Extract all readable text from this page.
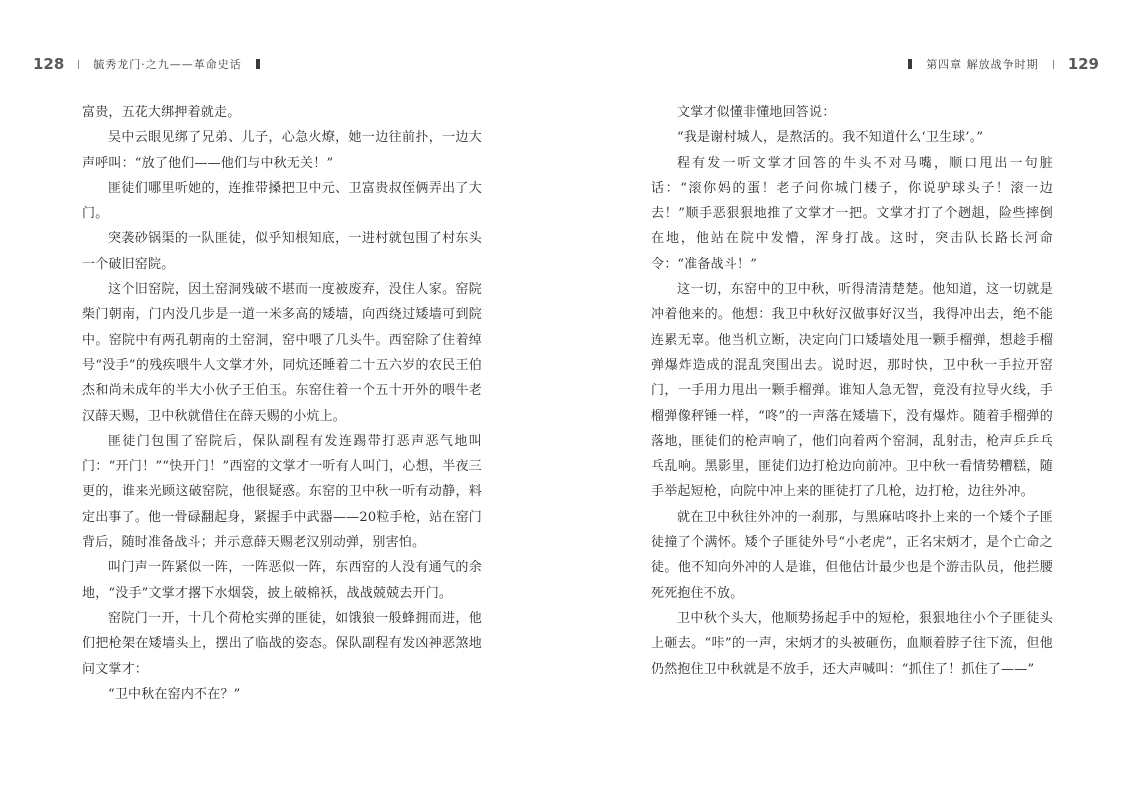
128	毓秀龙门·之九——革命史话

富贵，五花大绑押着就走。

吴中云眼见绑了兄弟、儿子，心急火燎，她一边往前扑，一边大声呼叫：“放了他们——他们与中秋无关！”

匪徒们哪里听她的，连推带搡把卫中元、卫富贵叔侄俩弄出了大门。

突袭砂锅渠的一队匪徒，似乎知根知底，一进村就包围了村东头一个破旧窑院。

这个旧窑院，因土窑洞残破不堪而一度被废弃，没住人家。窑院柴门朝南，门内没几步是一道一米多高的矮墙，向西绕过矮墙可到院中。窑院中有两孔朝南的土窑洞，窑中喂了几头牛。西窑除了住着绰号“没手”的残疾喂牛人文掌才外，同炕还睡着二十五六岁的农民王伯杰和尚未成年的半大小伙子王伯玉。东窑住着一个五十开外的喂牛老汉薛天赐，卫中秋就借住在薛天赐的小炕上。

匪徒门包围了窑院后，保队副程有发连踢带打恶声恶气地叫门：“开门！”“快开门！”西窑的文掌才一听有人叫门，心想，半夜三更的，谁来光顾这破窑院，他很疑惑。东窑的卫中秋一听有动静，料定出事了。他一骨碌翻起身，紧握手中武器——20粒手枪，站在窑门背后，随时准备战斗；并示意薛天赐老汉别动弹，别害怕。

叫门声一阵紧似一阵，一阵恶似一阵，东西窑的人没有通气的余地，“没手”文掌才撂下水烟袋，披上破棉袄，战战兢兢去开门。

窑院门一开，十几个荷枪实弹的匪徒，如饿狼一般蜂拥而进，他们把枪架在矮墙头上，摆出了临战的姿态。保队副程有发凶神恶煞地问文掌才：

“卫中秋在窑内不在？”

第四章 解放战争时期 129

文掌才似懂非懂地回答说：

“我是谢村城人，是熬活的。我不知道什么‘卫生球’。”

程有发一听文掌才回答的牛头不对马嘴，顺口甩出一句脏话：“滚你妈的蛋！老子问你城门楼子，你说驴球头子！滚一边去！”顺手恶狠狠地推了文掌才一把。文掌才打了个趔趄，险些摔倒在地，他站在院中发懵，浑身打战。这时，突击队长路长河命令：“准备战斗！”

这一切，东窑中的卫中秋，听得清清楚楚。他知道，这一切就是冲着他来的。他想：我卫中秋好汉做事好汉当，我得冲出去，绝不能连累无辜。他当机立断，决定向门口矮墙处甩一颗手榴弹，想趁手榴弹爆炸造成的混乱突围出去。说时迟，那时快，卫中秋一手拉开窑门，一手用力甩出一颗手榴弹。谁知人急无智，竟没有拉导火线，手榴弹像秤锤一样，“咚”的一声落在矮墙下，没有爆炸。随着手榴弹的落地，匪徒们的枪声响了，他们向着两个窑洞，乱射击，枪声乒乒乓乓乱响。黑影里，匪徒们边打枪边向前冲。卫中秋一看情势糟糕，随手举起短枪，向院中冲上来的匪徒打了几枪，边打枪，边往外冲。

就在卫中秋往外冲的一刹那，与黑麻咕咚扑上来的一个矮个子匪徒撞了个满怀。矮个子匪徒外号“小老虎”，正名宋炳才，是个亡命之徒。他不知向外冲的人是谁，但他估计最少也是个游击队员，他拦腰死死抱住不放。

卫中秋个头大，他顺势扬起手中的短枪，狠狠地往小个子匪徒头上砸去。“咔”的一声，宋炳才的头被砸伤，血顺着脖子往下流，但他仍然抱住卫中秋就是不放手，还大声喊叫：“抓住了！抓住了——”
